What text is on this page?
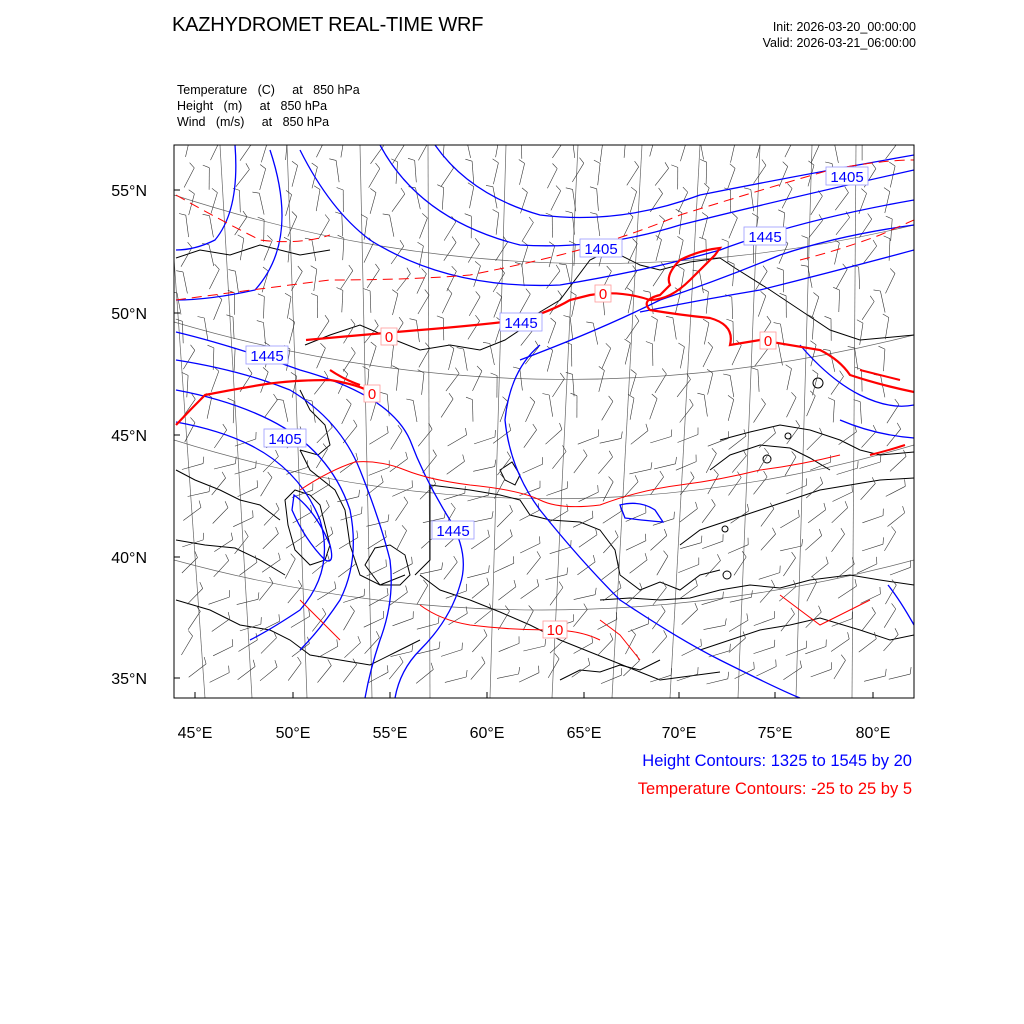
KAZHYDROMET REAL-TIME WRF	Init: 2026-03-20_00:00:00
Valid: 2026-03-21_06:00:00
Temperature   (C)     at   850 hPa
Height   (m)     at   850 hPa
Wind   (m/s)     at   850 hPa
55°N
50°N
45°N
40°N
35°N
45°E	50°E	55°E	60°E	65°E	70°E	75°E	80°E
1405
1445
1405
1445
1445
1405
1445
0
0
0
0
10
Height Contours: 1325 to 1545 by 20
Temperature Contours: -25 to 25 by 5
